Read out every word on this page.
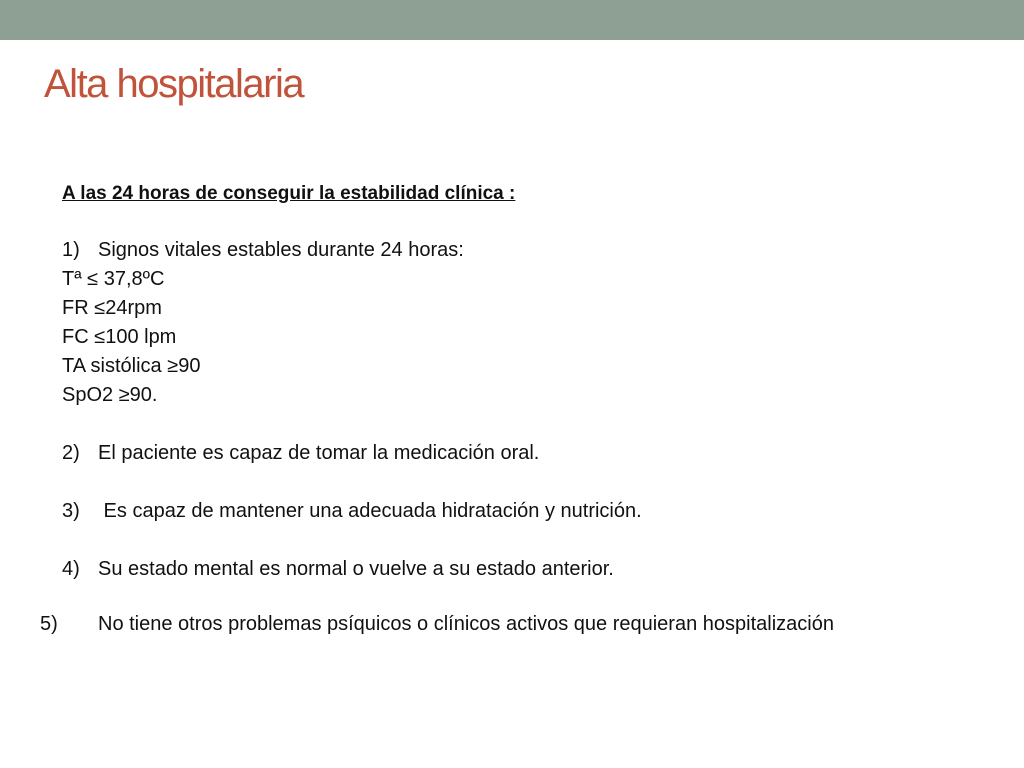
Alta hospitalaria

A las 24 horas de conseguir la estabilidad clínica :

1) Signos vitales estables durante 24 horas:

Tª ≤ 37,8ºC

FR ≤24rpm

FC ≤100 lpm

TA sistólica ≥90

SpO2 ≥90.

2) El paciente es capaz de tomar la medicación oral.

3) Es capaz de mantener una adecuada hidratación y nutrición.

4) Su estado mental es normal o vuelve a su estado anterior.

5) No tiene otros problemas psíquicos o clínicos activos que requieran hospitalización
